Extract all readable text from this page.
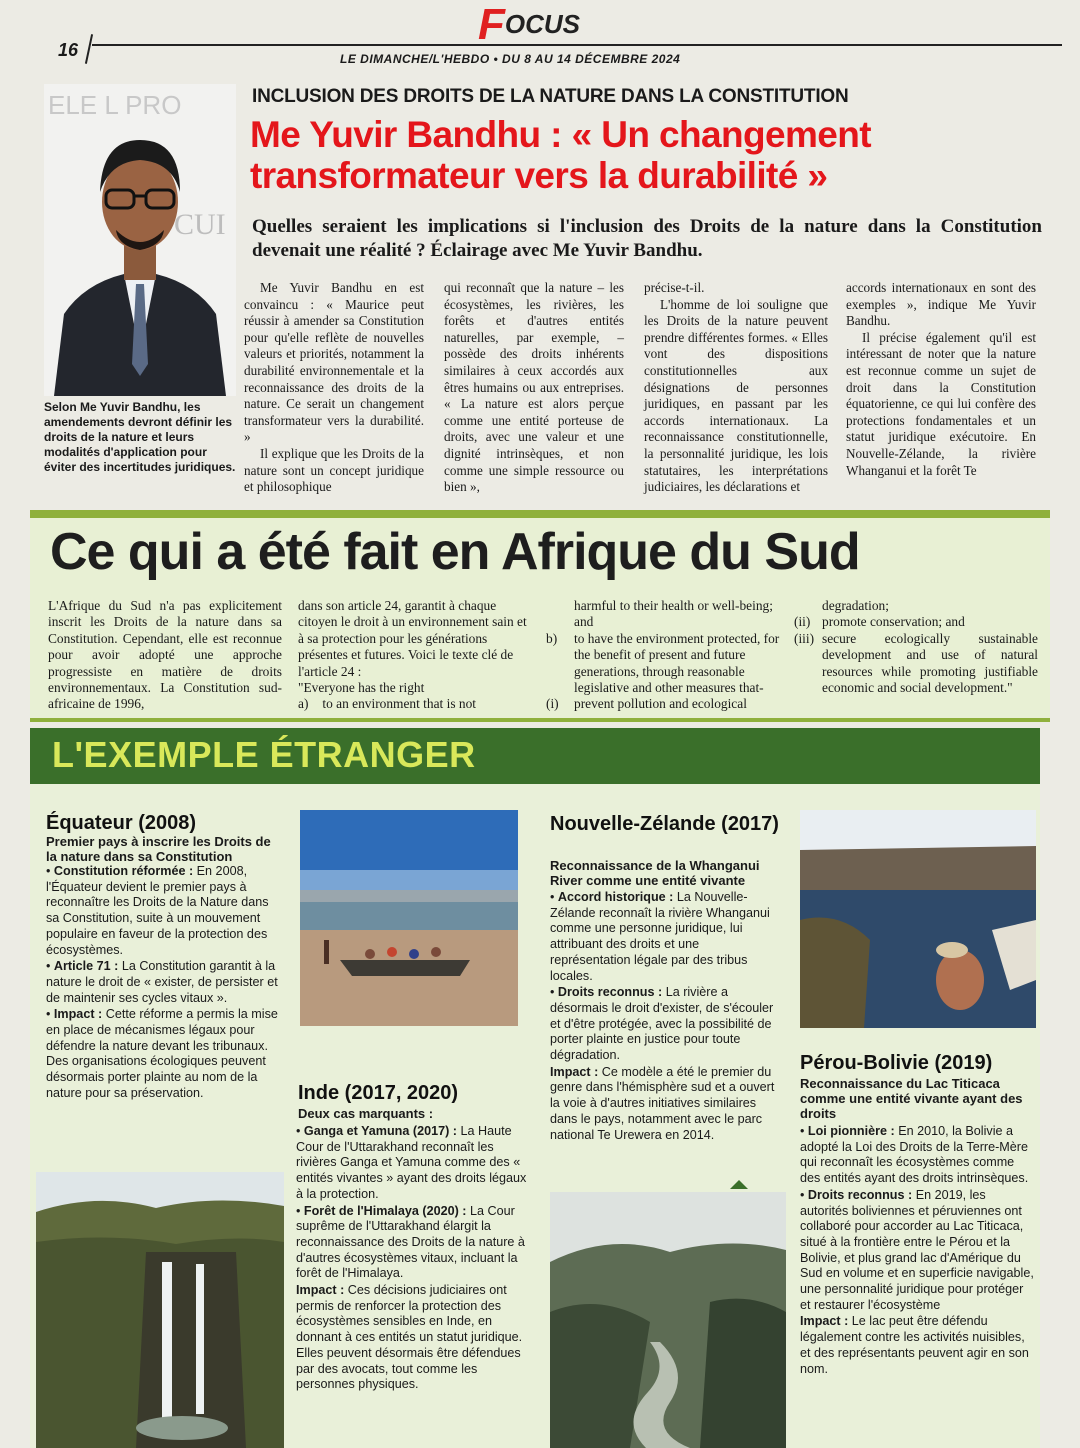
FOCUS
16	LE DIMANCHE/L'HEBDO • DU 8 AU 14 DÉCEMBRE 2024
ELE L PRO
CUI
Selon Me Yuvir Bandhu, les amendements devront définir les droits de la nature et leurs modalités d'application pour éviter des incertitudes juridiques.
INCLUSION DES DROITS DE LA NATURE DANS LA CONSTITUTION
Me Yuvir Bandhu : « Un changement transformateur vers la durabilité »
Quelles seraient les implications si l'inclusion des Droits de la nature dans la Constitution devenait une réalité ? Éclairage avec Me Yuvir Bandhu.

Me Yuvir Bandhu en est convaincu : « Maurice peut réussir à amender sa Constitution pour qu'elle reflète de nouvelles valeurs et priorités, notamment la durabilité environnementale et la reconnaissance des droits de la nature. Ce serait un changement transformateur vers la durabilité. »

Il explique que les Droits de la nature sont un concept juridique et philosophique

qui reconnaît que la nature – les écosystèmes, les rivières, les forêts et d'autres entités naturelles, par exemple, – possède des droits inhérents similaires à ceux accordés aux êtres humains ou aux entreprises. « La nature est alors perçue comme une entité porteuse de droits, avec une valeur et une dignité intrinsèques, et non comme une simple ressource ou bien »,

précise-t-il.

L'homme de loi souligne que les Droits de la nature peuvent prendre différentes formes. « Elles vont des dispositions constitutionnelles aux désignations de personnes juridiques, en passant par les accords internationaux. La reconnaissance constitutionnelle, la personnalité juridique, les lois statutaires, les interprétations judiciaires, les déclarations et

accords internationaux en sont des exemples », indique Me Yuvir Bandhu.

Il précise également qu'il est intéressant de noter que la nature est reconnue comme un sujet de droit dans la Constitution équatorienne, ce qui lui confère des protections fondamentales et un statut juridique exécutoire. En Nouvelle-Zélande, la rivière Whanganui et la forêt Te

Ce qui a été fait en Afrique du Sud
L'Afrique du Sud n'a pas explicitement inscrit les Droits de la nature dans sa Constitution. Cependant, elle est reconnue pour avoir adopté une approche progressiste en matière de droits environnementaux. La Constitution sud-africaine de 1996,
dans son article 24, garantit à chaque citoyen le droit à un environnement sain et à sa protection pour les générations présentes et futures. Voici le texte clé de l'article 24 :
"Everyone has the right
a) to an environment that is not
harmful to their health or well-being; and
b)	to have the environment protected, for the benefit of present and future generations, through reasonable legislative and other measures that-
(i)	prevent pollution and ecological
degradation;
(ii) promote conservation; and
(iii) secure ecologically sustainable development and use of natural resources while promoting justifiable economic and social development."
L'EXEMPLE ÉTRANGER
Équateur (2008)
Premier pays à inscrire les Droits de la nature dans sa Constitution

• Constitution réformée : En 2008, l'Équateur devient le premier pays à reconnaître les Droits de la Nature dans sa Constitution, suite à un mouvement populaire en faveur de la protection des écosystèmes.

• Article 71 : La Constitution garantit à la nature le droit de « exister, de persister et de maintenir ses cycles vitaux ».

• Impact : Cette réforme a permis la mise en place de mécanismes légaux pour défendre la nature devant les tribunaux. Des organisations écologiques peuvent désormais porter plainte au nom de la nature pour sa préservation.	Inde (2017, 2020)
Deux cas marquants :

• Ganga et Yamuna (2017) : La Haute Cour de l'Uttarakhand reconnaît les rivières Ganga et Yamuna comme des « entités vivantes » ayant des droits légaux à la protection.

• Forêt de l'Himalaya (2020) : La Cour suprême de l'Uttarakhand élargit la reconnaissance des Droits de la nature à d'autres écosystèmes vitaux, incluant la forêt de l'Himalaya.

Impact : Ces décisions judiciaires ont permis de renforcer la protection des écosystèmes sensibles en Inde, en donnant à ces entités un statut juridique. Elles peuvent désormais être défendues par des avocats, tout comme les personnes physiques.

Nouvelle-Zélande (2017)
Reconnaissance de la Whanganui River comme une entité vivante

• Accord historique : La Nouvelle-Zélande reconnaît la rivière Whanganui comme une personne juridique, lui attribuant des droits et une représentation légale par des tribus locales.

• Droits reconnus : La rivière a désormais le droit d'exister, de s'écouler et d'être protégée, avec la possibilité de porter plainte en justice pour toute dégradation.

Impact : Ce modèle a été le premier du genre dans l'hémisphère sud et a ouvert la voie à d'autres initiatives similaires dans le pays, notamment avec le parc national Te Urewera en 2014.

Pérou-Bolivie (2019)
Reconnaissance du Lac Titicaca comme une entité vivante ayant des droits

• Loi pionnière : En 2010, la Bolivie a adopté la Loi des Droits de la Terre-Mère qui reconnaît les écosystèmes comme des entités ayant des droits intrinsèques.

• Droits reconnus : En 2019, les autorités boliviennes et péruviennes ont collaboré pour accorder au Lac Titicaca, situé à la frontière entre le Pérou et la Bolivie, et plus grand lac d'Amérique du Sud en volume et en superficie navigable, une personnalité juridique pour protéger et restaurer l'écosystème

Impact : Le lac peut être défendu légalement contre les activités nuisibles, et des représentants peuvent agir en son nom.
